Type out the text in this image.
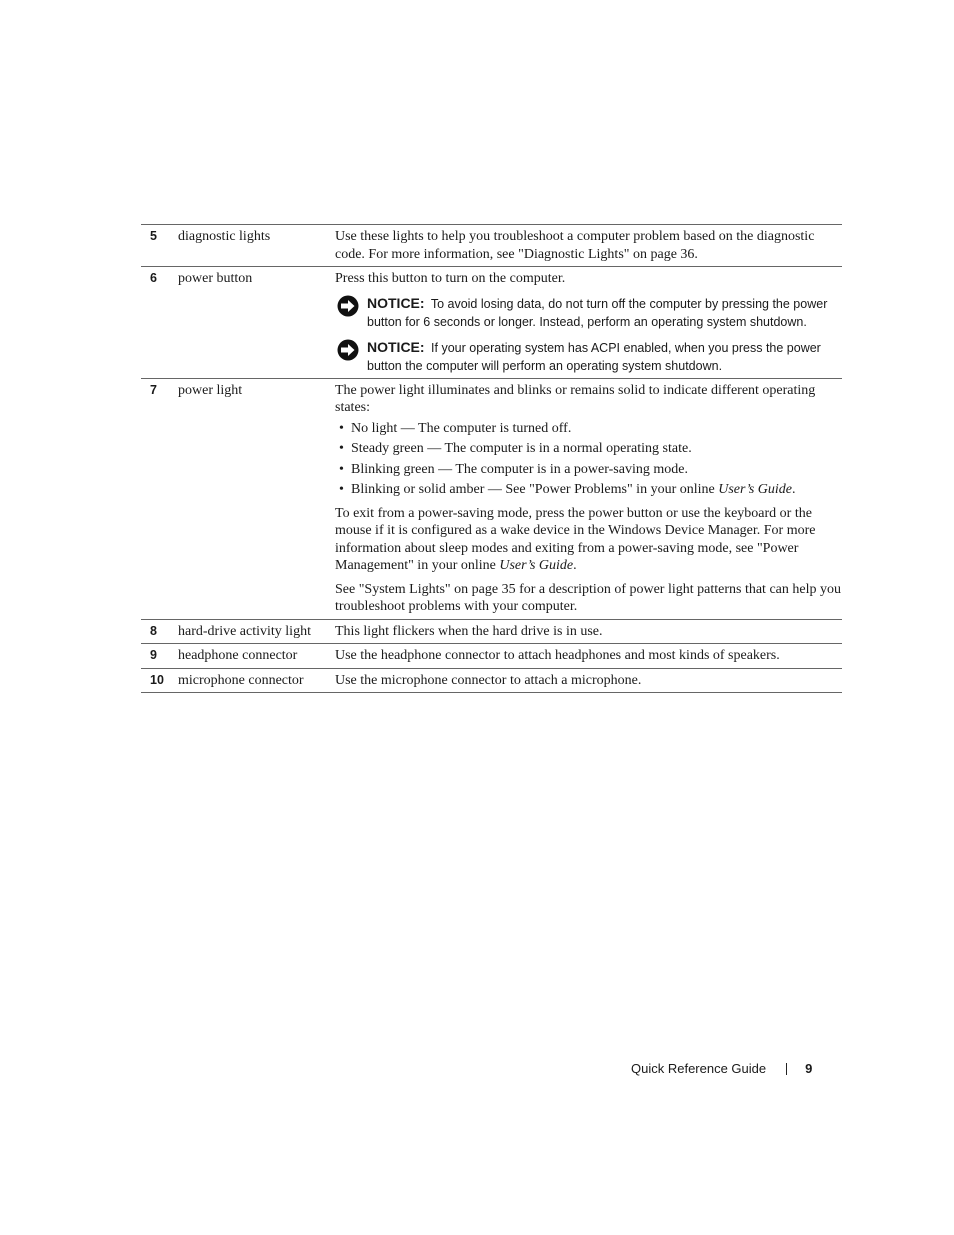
5	diagnostic lights	Use these lights to help you troubleshoot a computer problem based on the diagnostic code. For more information, see "Diagnostic Lights" on page 36.

6	power button	Press this button to turn on the computer.

NOTICE: To avoid losing data, do not turn off the computer by pressing the power button for 6 seconds or longer. Instead, perform an operating system shutdown.
NOTICE: If your operating system has ACPI enabled, when you press the power button the computer will perform an operating system shutdown.
7	power light	The power light illuminates and blinks or remains solid to indicate different operating states:

• No light — The computer is turned off.
• Steady green — The computer is in a normal operating state.
• Blinking green — The computer is in a power-saving mode.
• Blinking or solid amber — See "Power Problems" in your online User’s Guide.

To exit from a power-saving mode, press the power button or use the keyboard or the mouse if it is configured as a wake device in the Windows Device Manager. For more information about sleep modes and exiting from a power-saving mode, see "Power Management" in your online User’s Guide.

See "System Lights" on page 35 for a description of power light patterns that can help you troubleshoot problems with your computer.

8	hard-drive activity light	This light flickers when the hard drive is in use.

9	headphone connector	Use the headphone connector to attach headphones and most kinds of speakers.

10	microphone connector	Use the microphone connector to attach a microphone.

Quick Reference Guide	9
